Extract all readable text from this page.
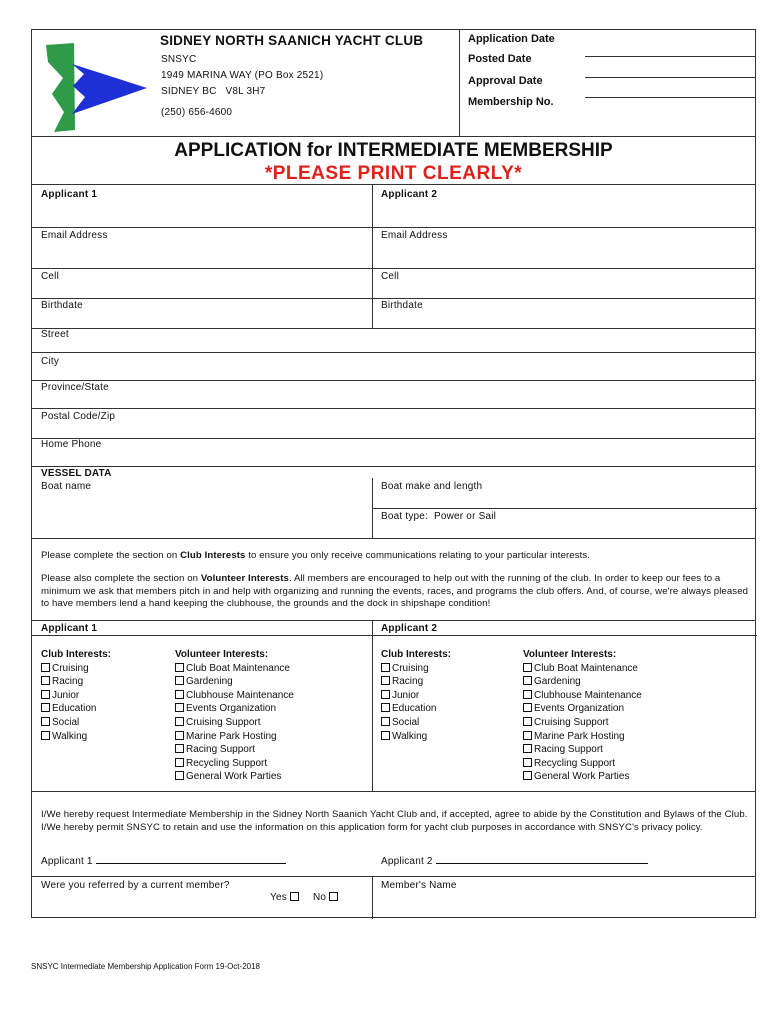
SIDNEY NORTH SAANICH YACHT CLUB
SNSYC
1949 MARINA WAY (PO Box 2521)
SIDNEY BC   V8L 3H7
(250) 656-4600
Application Date
Posted Date
Approval Date
Membership No.
APPLICATION for INTERMEDIATE MEMBERSHIP
*PLEASE PRINT CLEARLY*
Applicant 1	Applicant 2
Email Address	Email Address
Cell	Cell
Birthdate	Birthdate
Street
City
Province/State
Postal Code/Zip
Home Phone
VESSEL DATA
Boat name	Boat make and length
Boat type:  Power or Sail

Please complete the section on Club Interests to ensure you only receive communications relating to your particular interests.

Please also complete the section on Volunteer Interests. All members are encouraged to help out with the running of the club. In order to keep our fees to a minimum we ask that members pitch in and help with organizing and running the events, races, and programs the club offers. And, of course, we're always pleased to have members lend a hand keeping the clubhouse, the grounds and the dock in shipshape condition!

Applicant 1	Applicant 2
Club Interests:
Cruising
Racing
Junior
Education
Social
Walking
Volunteer Interests:
Club Boat Maintenance
Gardening
Clubhouse Maintenance
Events Organization
Cruising Support
Marine Park Hosting
Racing Support
Recycling Support
General Work Parties
Club Interests:
Cruising
Racing
Junior
Education
Social
Walking
Volunteer Interests:
Club Boat Maintenance
Gardening
Clubhouse Maintenance
Events Organization
Cruising Support
Marine Park Hosting
Racing Support
Recycling Support
General Work Parties

I/We hereby request Intermediate Membership in the Sidney North Saanich Yacht Club and, if accepted, agree to abide by the Constitution and Bylaws of the Club. I/We hereby permit SNSYC to retain and use the information on this application form for yacht club purposes in accordance with SNSYC's privacy policy.

Applicant 1	Applicant 2
Were you referred by a current member?
Yes	No
Member's Name
SNSYC Intermediate Membership Application Form 19-Oct-2018
